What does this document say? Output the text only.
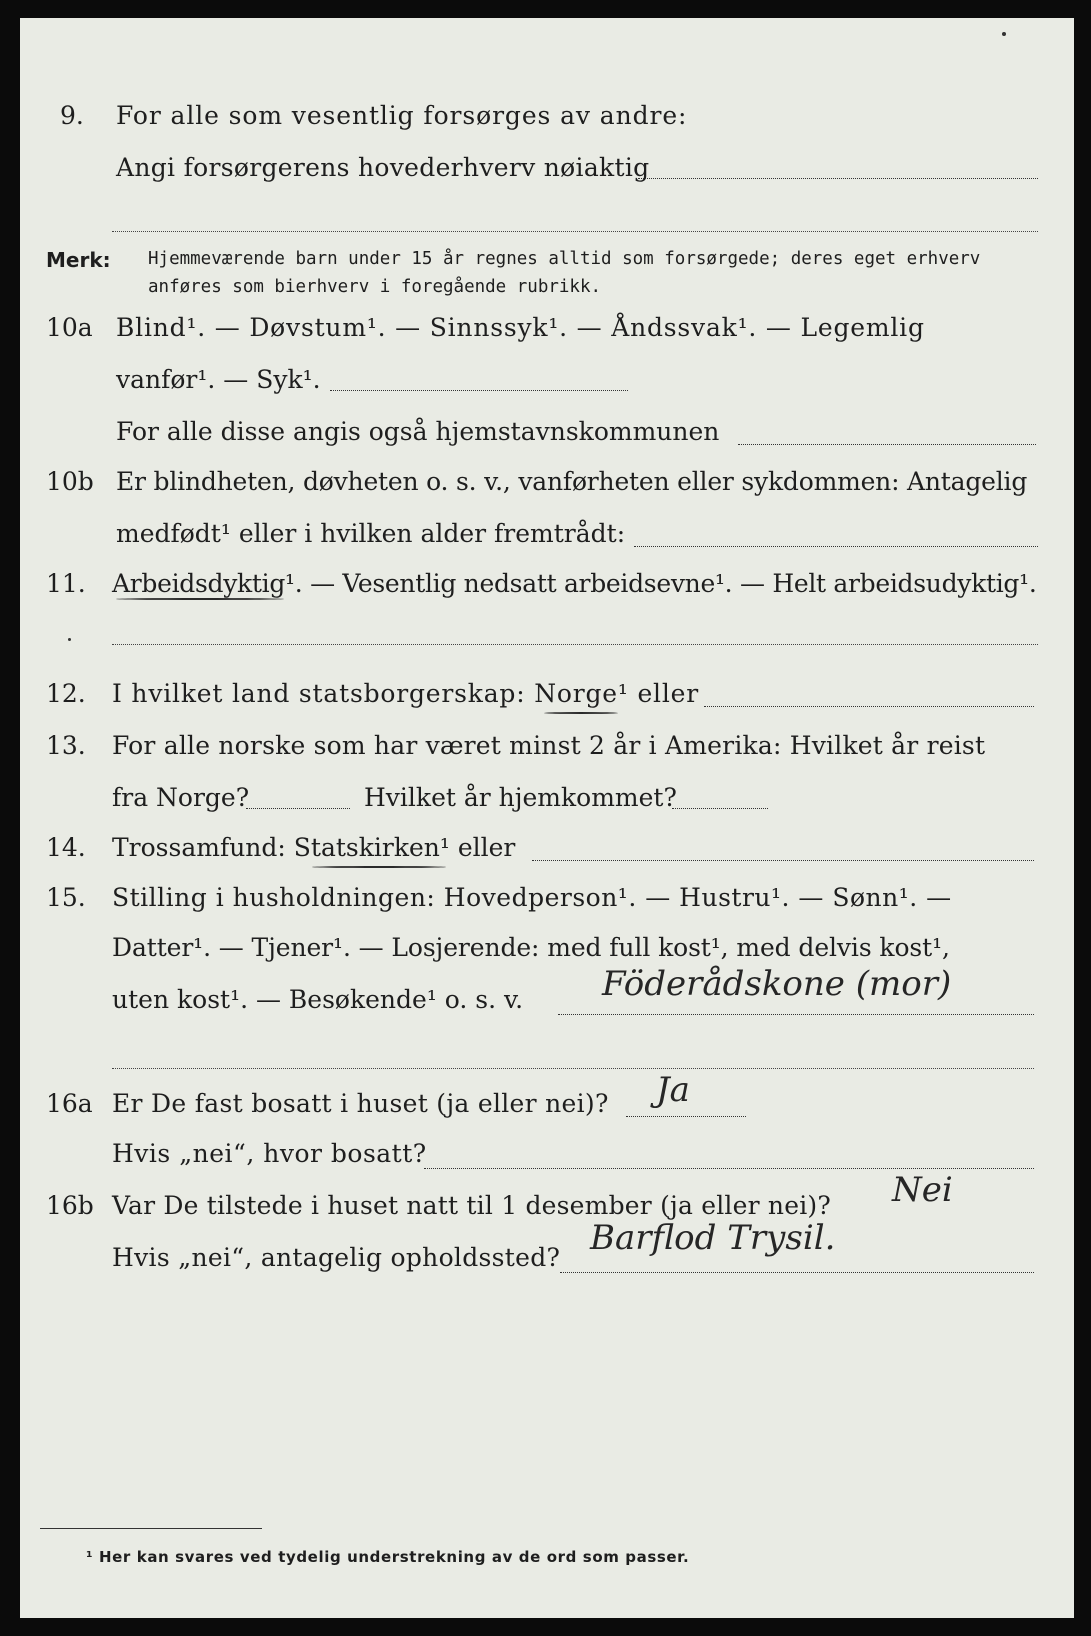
9. For alle som vesentlig forsørges av andre:
Angi forsørgerens hovederhverv nøiaktig
Merk: Hjemmeværende barn under 15 år regnes alltid som forsørgede; deres eget erhverv
anføres som bierhverv i foregående rubrikk.
10a Blind¹. — Døvstum¹. — Sinnssyk¹. — Åndssvak¹. — Legemlig
vanfør¹. — Syk¹.
For alle disse angis også hjemstavnskommunen
10b Er blindheten, døvheten o. s. v., vanførheten eller sykdommen: Antagelig
medfødt¹ eller i hvilken alder fremtrådt:
11. Arbeidsdyktig¹. — Vesentlig nedsatt arbeidsevne¹. — Helt arbeidsudyktig¹.
12. I hvilket land statsborgerskap: Norge¹ eller
13. For alle norske som har været minst 2 år i Amerika: Hvilket år reist
fra Norge?	Hvilket år hjemkommet?
14. Trossamfund: Statskirken¹ eller
15. Stilling i husholdningen: Hovedperson¹. — Hustru¹. — Sønn¹. —
Datter¹. — Tjener¹. — Losjerende: med full kost¹, med delvis kost¹,
uten kost¹. — Besøkende¹ o. s. v. Föderådskone (mor)
16a Er De fast bosatt i huset (ja eller nei)? Ja
Hvis „nei“, hvor bosatt?
16b Var De tilstede i huset natt til 1 desember (ja eller nei)? Nei
Hvis „nei“, antagelig opholdssted? Barflod Trysil.
¹ Her kan svares ved tydelig understrekning av de ord som passer.
